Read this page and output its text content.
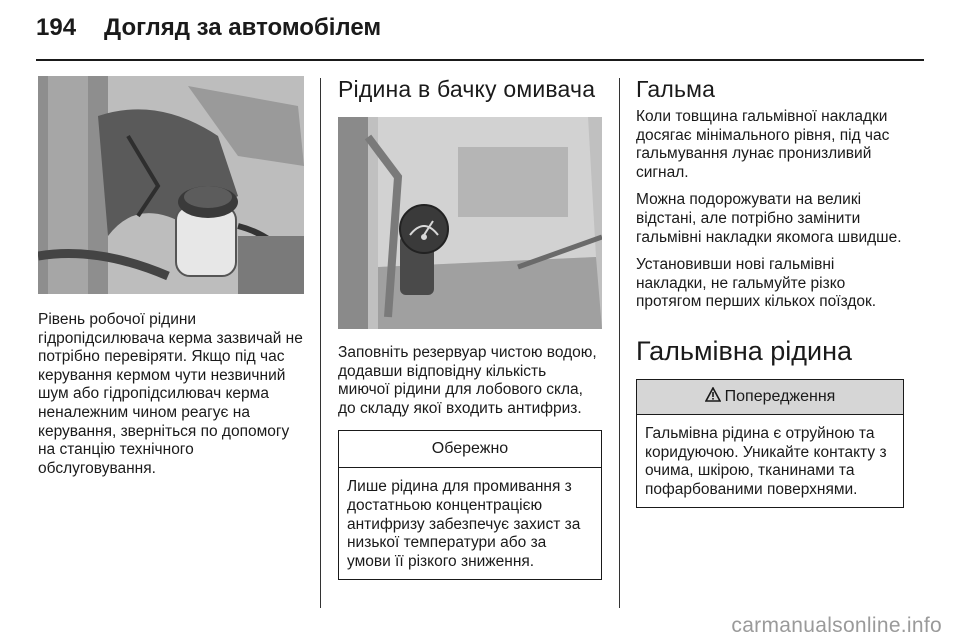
194 Догляд за автомобілем

Рівень робочої рідини гідропідсилювача керма зазвичай не потрібно перевіряти. Якщо під час керування кермом чути незвичний шум або гідропідсилювач керма неналежним чином реагує на керування, зверніться по допомогу на станцію технічного обслуговування.

Рідина в бачку омивача

Заповніть резервуар чистою водою, додавши відповідну кількість миючої рідини для лобового скла, до складу якої входить антифриз.

Обережно
Лише рідина для промивання з достатньою концентрацією антифризу забезпечує захист за низької температури або за умови її різкого зниження.
Гальма

Коли товщина гальмівної накладки досягає мінімального рівня, під час гальмування лунає пронизливий сигнал.

Можна подорожувати на великі відстані, але потрібно замінити гальмівні накладки якомога швидше.

Установивши нові гальмівні накладки, не гальмуйте різко протягом перших кількох поїздок.

Гальмівна рідина
Попередження
Гальмівна рідина є отруйною та коридуючою. Уникайте контакту з очима, шкірою, тканинами та пофарбованими поверхнями.
carmanualsonline.info
